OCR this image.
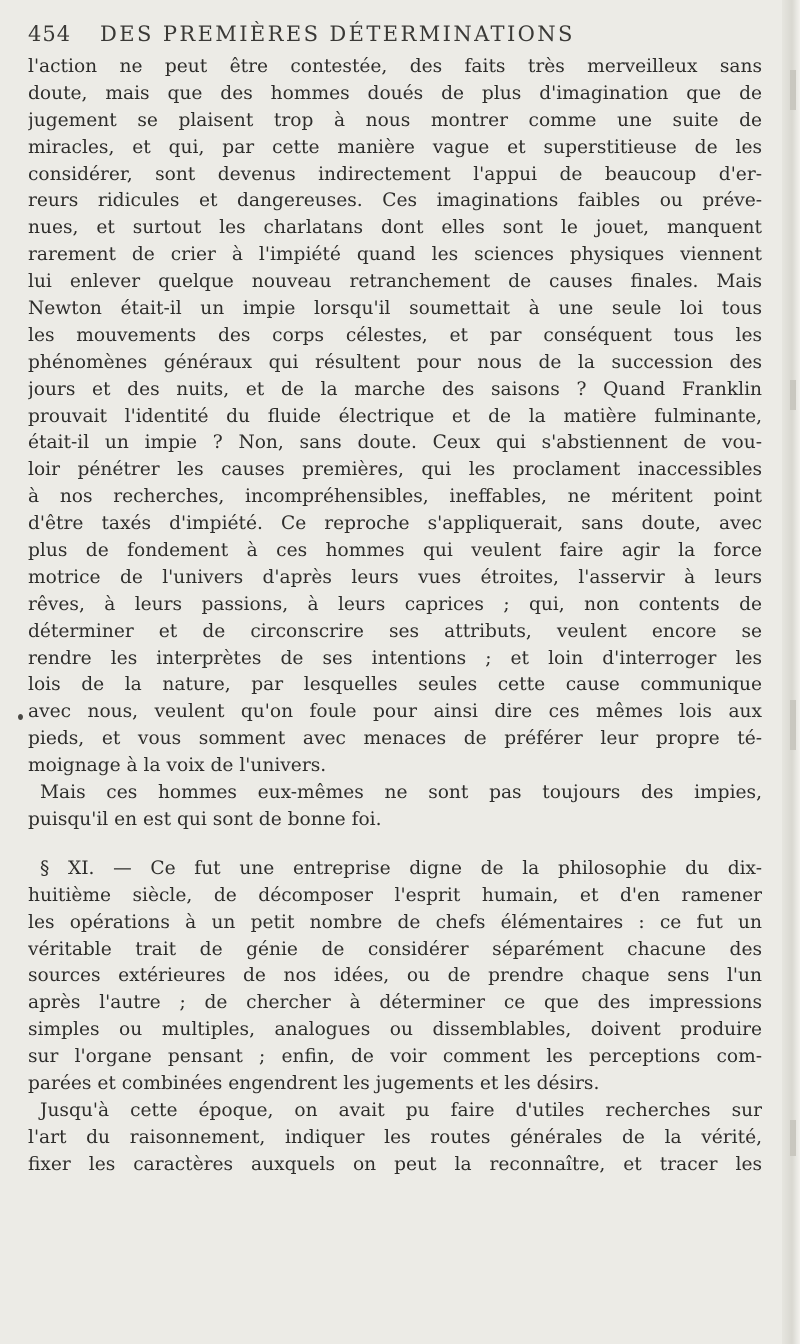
454 DES PREMIÈRES DÉTERMINATIONS
l'action ne peut être contestée, des faits très merveilleux sans
doute, mais que des hommes doués de plus d'imagination que de
jugement se plaisent trop à nous montrer comme une suite de
miracles, et qui, par cette manière vague et superstitieuse de les
considérer, sont devenus indirectement l'appui de beaucoup d'er-
reurs ridicules et dangereuses. Ces imaginations faibles ou préve-
nues, et surtout les charlatans dont elles sont le jouet, manquent
rarement de crier à l'impiété quand les sciences physiques viennent
lui enlever quelque nouveau retranchement de causes finales. Mais
Newton était-il un impie lorsqu'il soumettait à une seule loi tous
les mouvements des corps célestes, et par conséquent tous les
phénomènes généraux qui résultent pour nous de la succession des
jours et des nuits, et de la marche des saisons ? Quand Franklin
prouvait l'identité du fluide électrique et de la matière fulminante,
était-il un impie ? Non, sans doute. Ceux qui s'abstiennent de vou-
loir pénétrer les causes premières, qui les proclament inaccessibles
à nos recherches, incompréhensibles, ineffables, ne méritent point
d'être taxés d'impiété. Ce reproche s'appliquerait, sans doute, avec
plus de fondement à ces hommes qui veulent faire agir la force
motrice de l'univers d'après leurs vues étroites, l'asservir à leurs
rêves, à leurs passions, à leurs caprices ; qui, non contents de
déterminer et de circonscrire ses attributs, veulent encore se
rendre les interprètes de ses intentions ; et loin d'interroger les
lois de la nature, par lesquelles seules cette cause communique
avec nous, veulent qu'on foule pour ainsi dire ces mêmes lois aux
pieds, et vous somment avec menaces de préférer leur propre té-
moignage à la voix de l'univers.
Mais ces hommes eux-mêmes ne sont pas toujours des impies,
puisqu'il en est qui sont de bonne foi.
§ XI. — Ce fut une entreprise digne de la philosophie du dix-
huitième siècle, de décomposer l'esprit humain, et d'en ramener
les opérations à un petit nombre de chefs élémentaires : ce fut un
véritable trait de génie de considérer séparément chacune des
sources extérieures de nos idées, ou de prendre chaque sens l'un
après l'autre ; de chercher à déterminer ce que des impressions
simples ou multiples, analogues ou dissemblables, doivent produire
sur l'organe pensant ; enfin, de voir comment les perceptions com-
parées et combinées engendrent les jugements et les désirs.
Jusqu'à cette époque, on avait pu faire d'utiles recherches sur
l'art du raisonnement, indiquer les routes générales de la vérité,
fixer les caractères auxquels on peut la reconnaître, et tracer les
